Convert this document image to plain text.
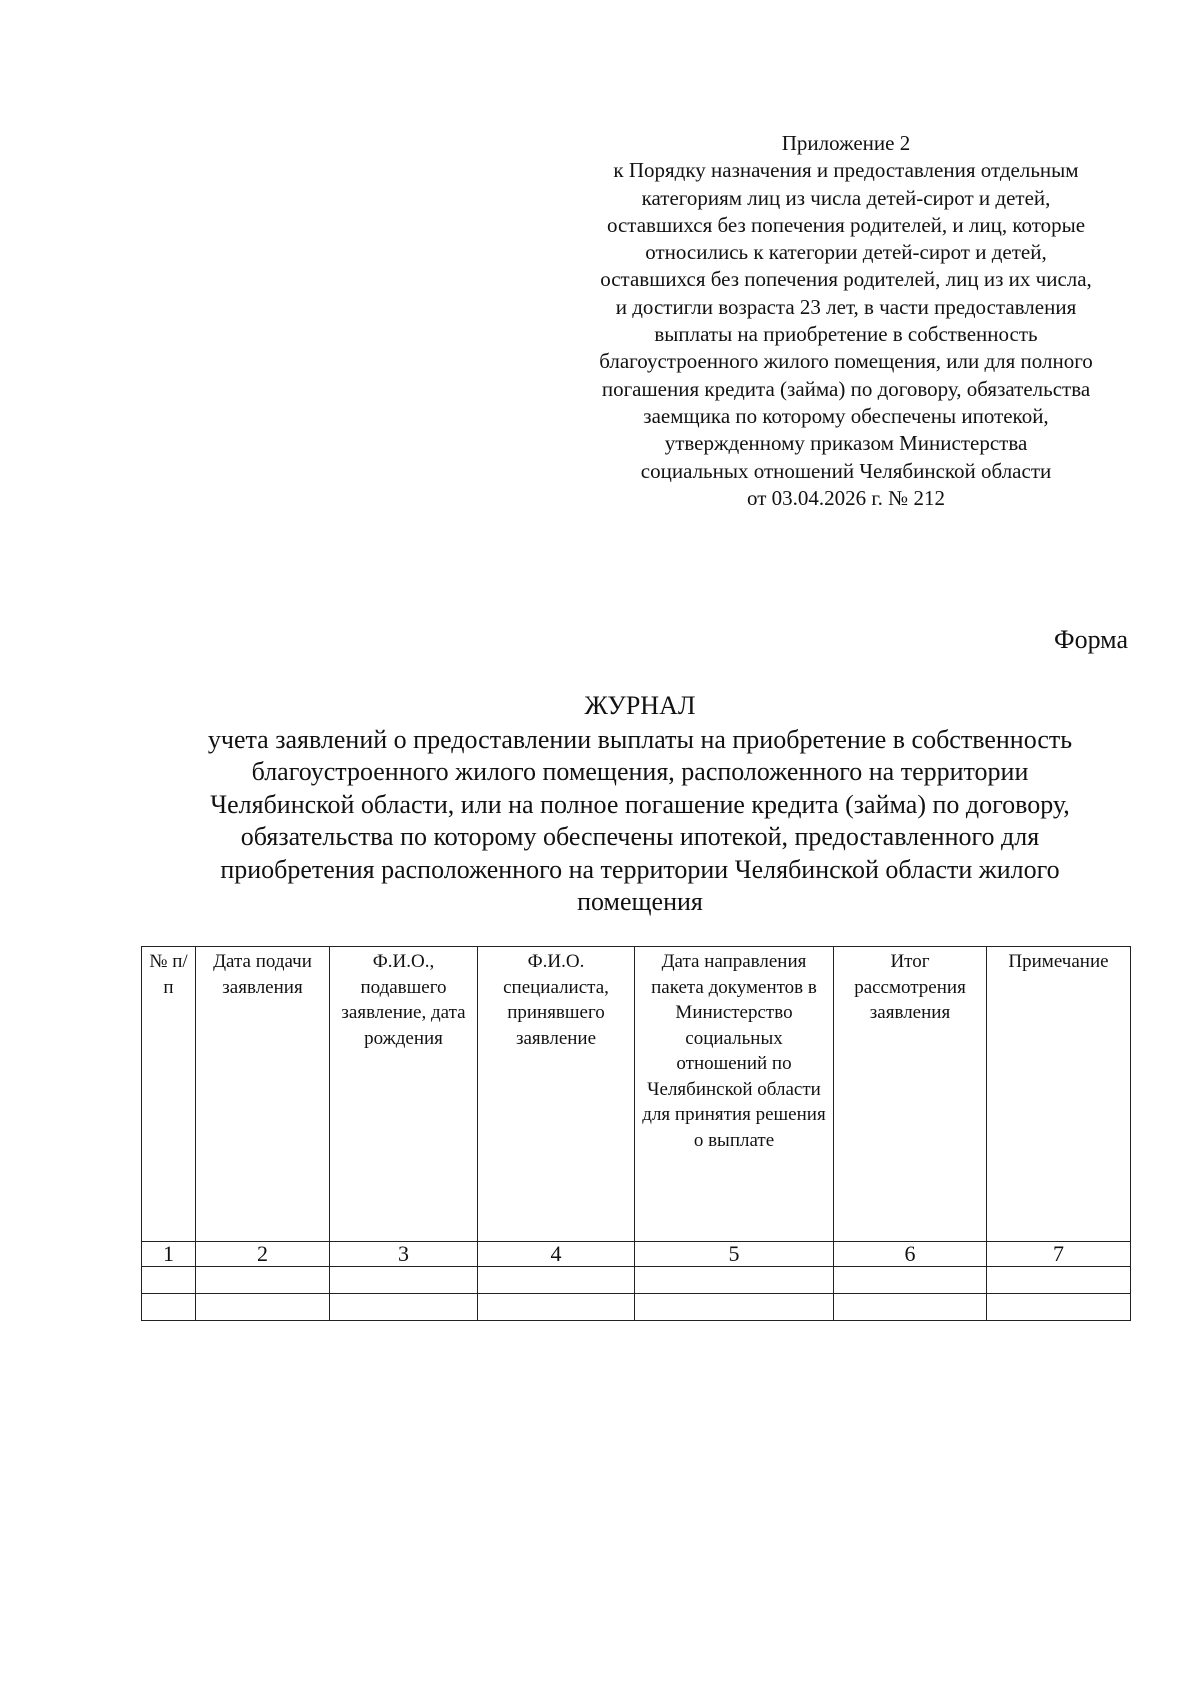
Приложение 2
к Порядку назначения и предоставления отдельным
категориям лиц из числа детей-сирот и детей,
оставшихся без попечения родителей, и лиц, которые
относились к категории детей-сирот и детей,
оставшихся без попечения родителей, лиц из их числа,
и достигли возраста 23 лет, в части предоставления
выплаты на приобретение в собственность
благоустроенного жилого помещения, или для полного
погашения кредита (займа) по договору, обязательства
заемщика по которому обеспечены ипотекой,
утвержденному приказом Министерства
социальных отношений Челябинской области
от 03.04.2026 г. № 212
Форма
ЖУРНАЛ
учета заявлений о предоставлении выплаты на приобретение в собственность
благоустроенного жилого помещения, расположенного на территории
Челябинской области, или на полное погашение кредита (займа) по договору,
обязательства по которому обеспечены ипотекой, предоставленного для
приобретения расположенного на территории Челябинской области жилого
помещения
№ п/п	Дата подачи заявления	Ф.И.О., подавшего заявление, дата рождения	Ф.И.О. специалиста, принявшего заявление	Дата направления пакета документов в Министерство социальных отношений по Челябинской области для принятия решения о выплате	Итог рассмотрения заявления	Примечание

1	2	3	4	5	6	7
